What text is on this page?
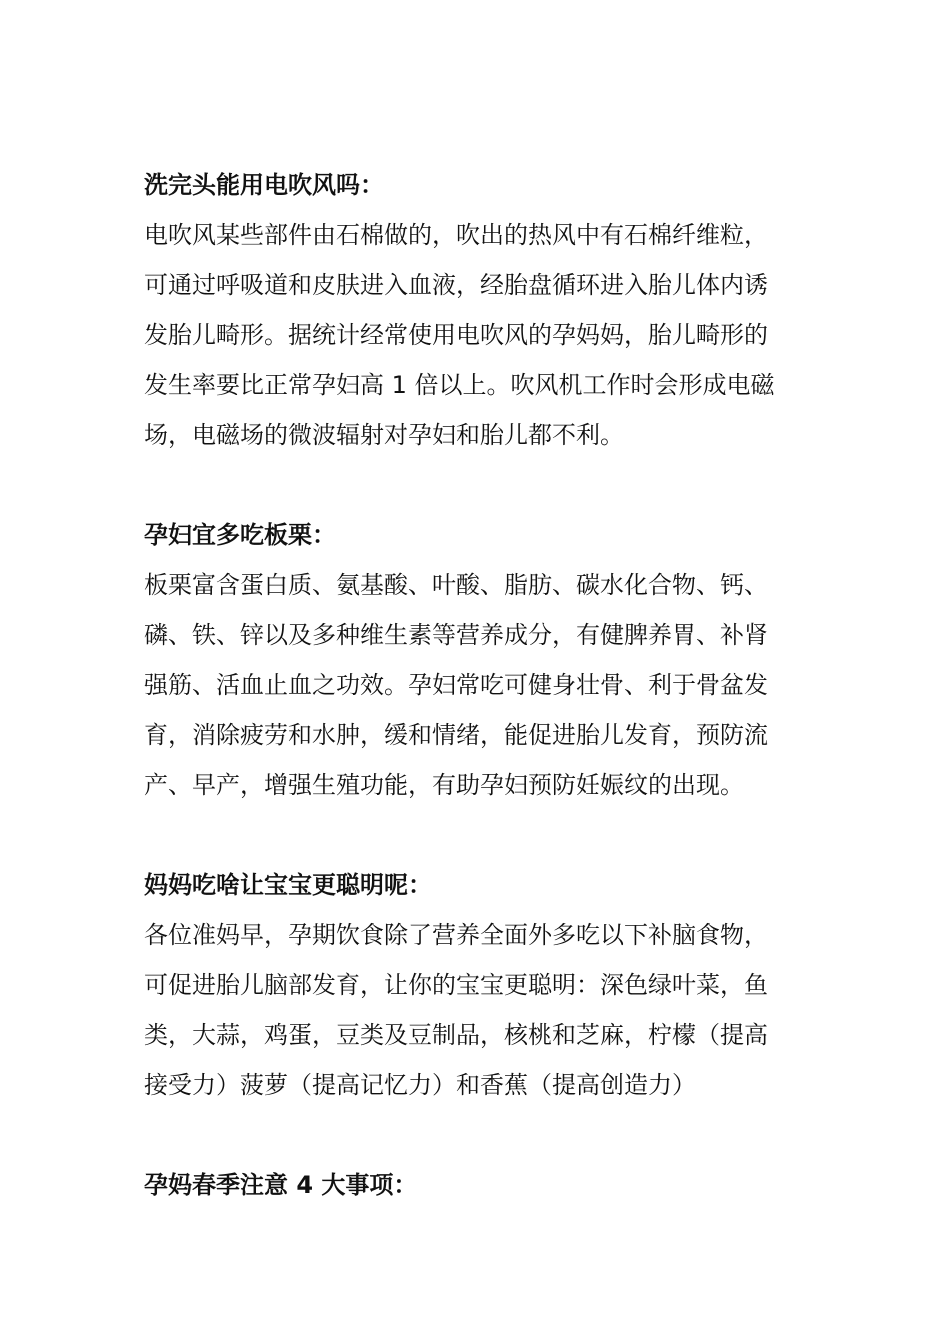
洗完头能用电吹风吗：

电吹风某些部件由石棉做的，吹出的热风中有石棉纤维粒，
可通过呼吸道和皮肤进入血液，经胎盘循环进入胎儿体内诱
发胎儿畸形。据统计经常使用电吹风的孕妈妈，胎儿畸形的
发生率要比正常孕妇高 1 倍以上。吹风机工作时会形成电磁
场，电磁场的微波辐射对孕妇和胎儿都不利。

孕妇宜多吃板栗：

板栗富含蛋白质、氨基酸、叶酸、脂肪、碳水化合物、钙、
磷、铁、锌以及多种维生素等营养成分，有健脾养胃、补肾
强筋、活血止血之功效。孕妇常吃可健身壮骨、利于骨盆发
育，消除疲劳和水肿，缓和情绪，能促进胎儿发育，预防流
产、早产，增强生殖功能，有助孕妇预防妊娠纹的出现。

妈妈吃啥让宝宝更聪明呢：

各位准妈早，孕期饮食除了营养全面外多吃以下补脑食物，
可促进胎儿脑部发育，让你的宝宝更聪明：深色绿叶菜，鱼
类，大蒜，鸡蛋，豆类及豆制品，核桃和芝麻，柠檬（提高
接受力）菠萝（提高记忆力）和香蕉（提高创造力）

孕妈春季注意 4 大事项：
